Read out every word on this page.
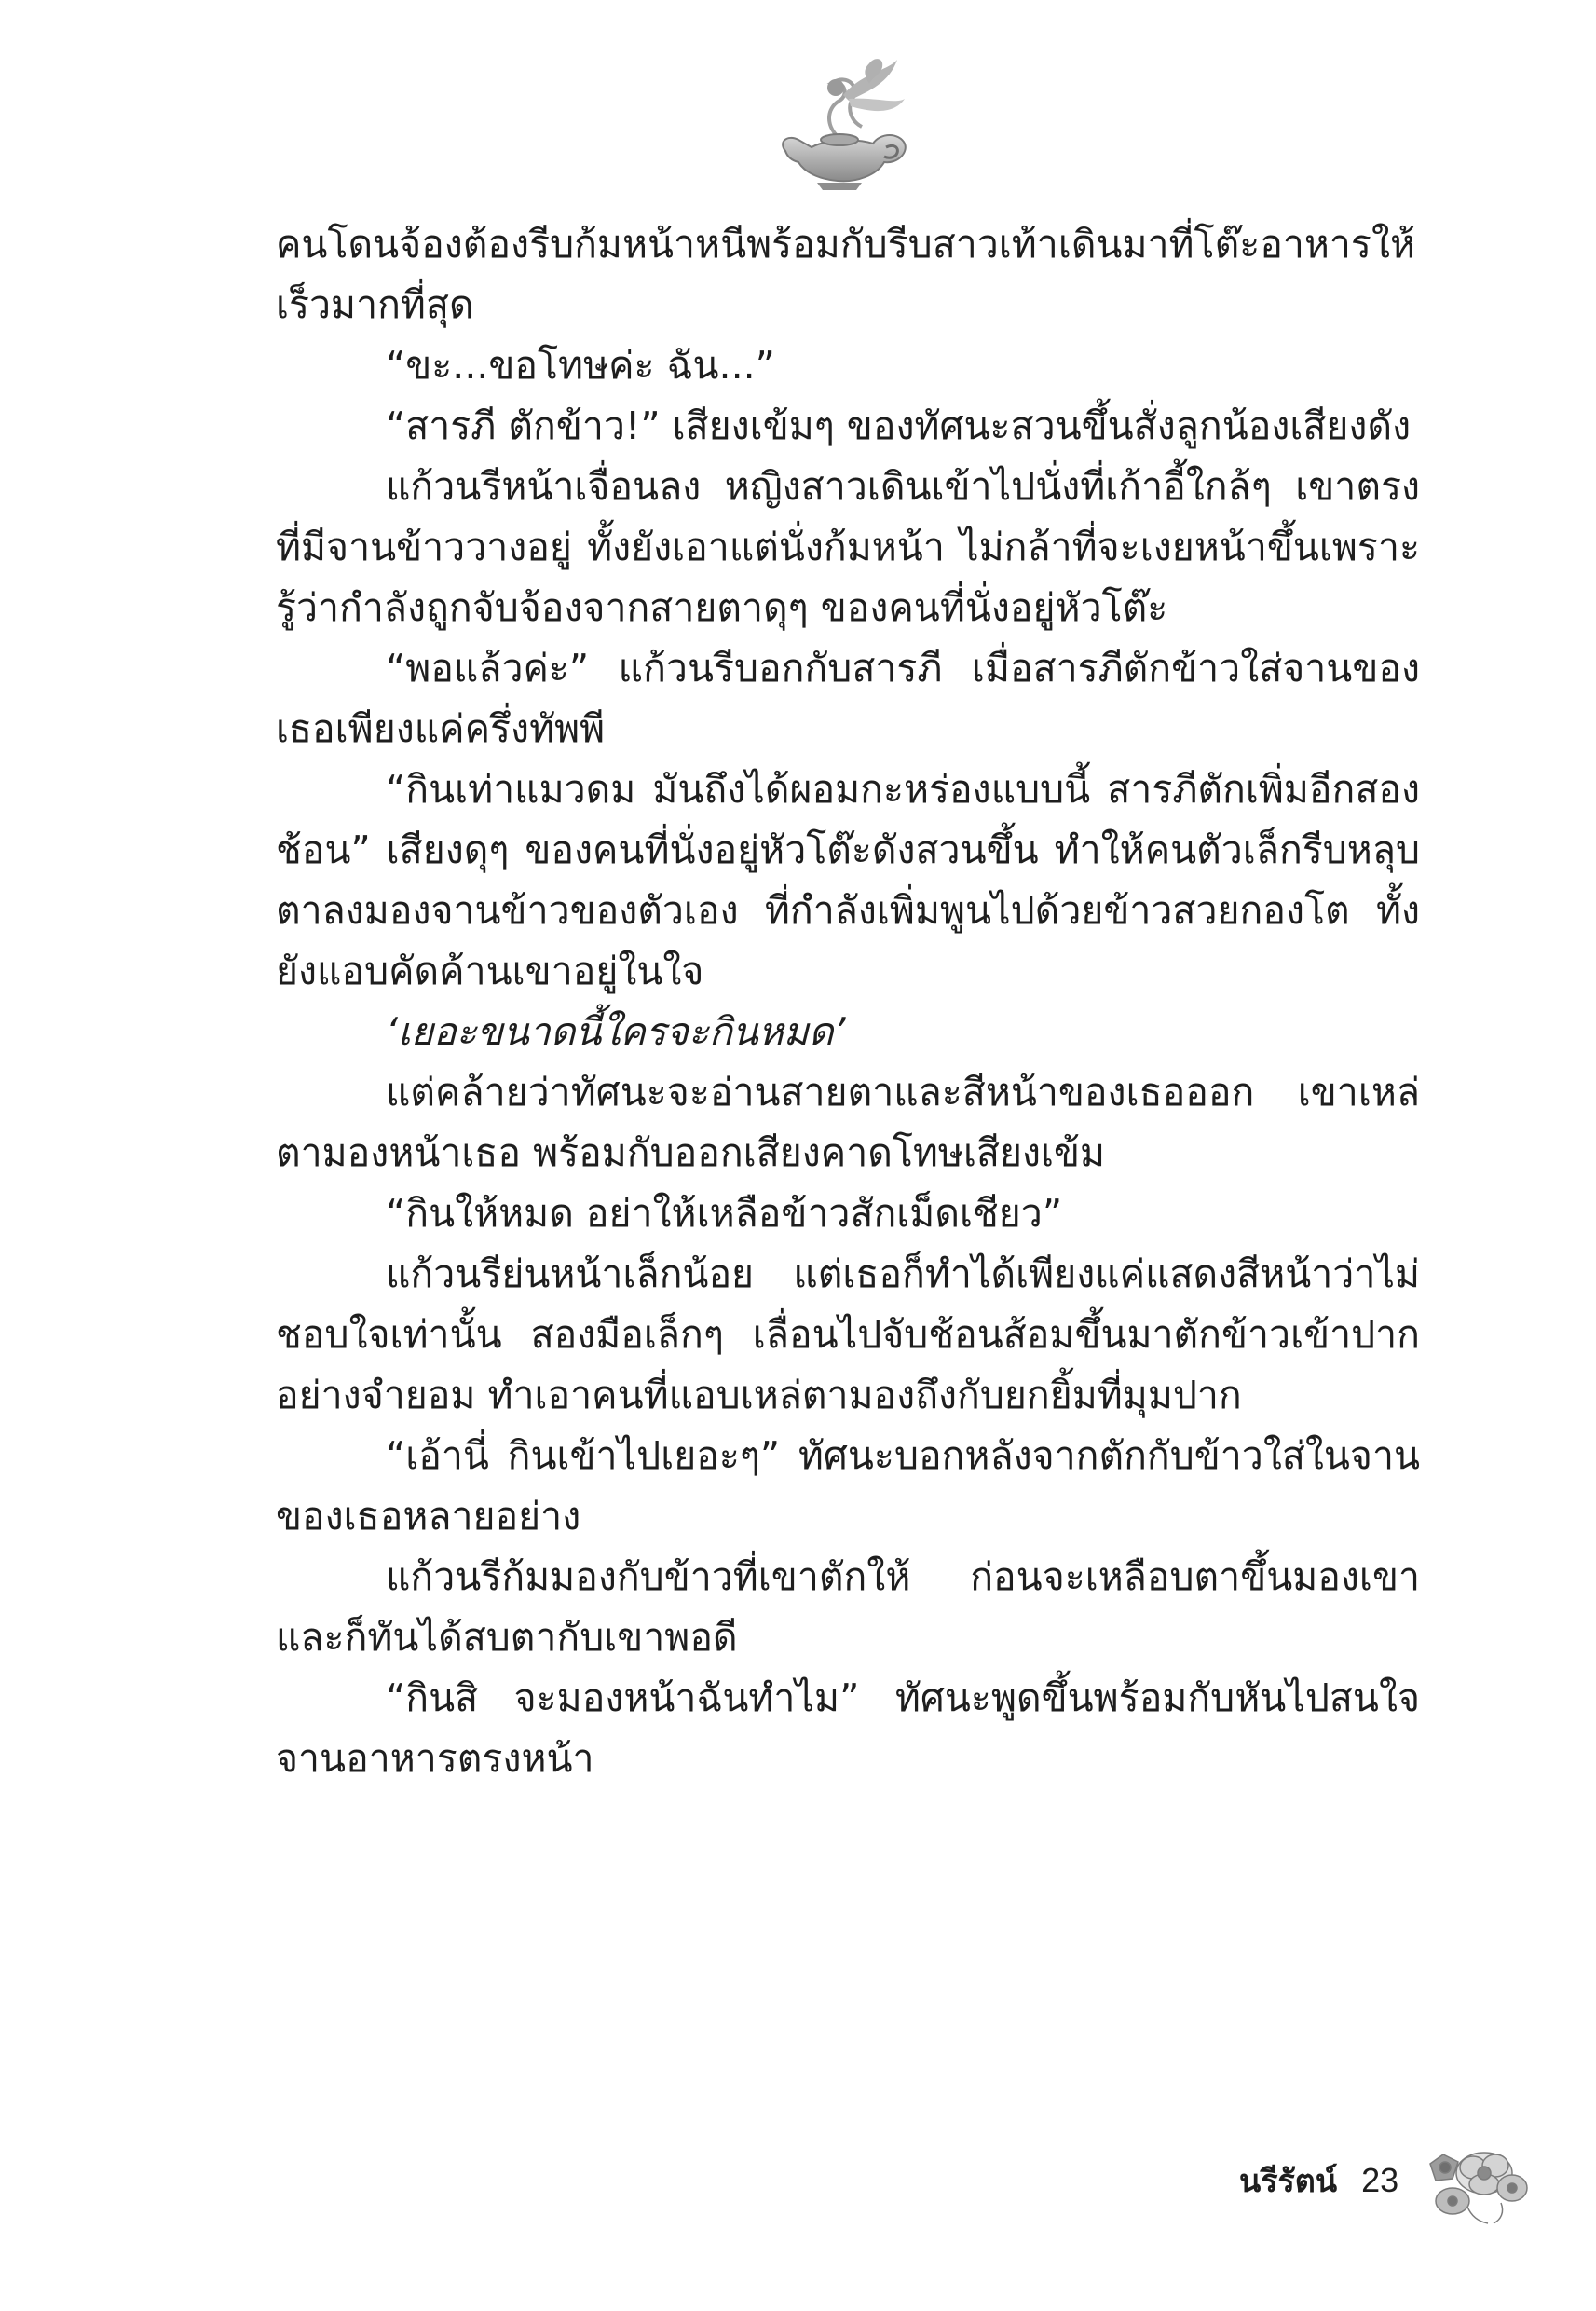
คนโดนจ้องต้องรีบก้มหน้าหนีพร้อมกับรีบสาวเท้าเดินมาที่โต๊ะอาหารให้เร็วมากที่สุด

“ขะ...ขอโทษค่ะ ฉัน...”

“สารภี ตักข้าว!” เสียงเข้มๆ ของทัศนะสวนขึ้นสั่งลูกน้องเสียงดัง

แก้วนรีหน้าเจื่อนลง หญิงสาวเดินเข้าไปนั่งที่เก้าอี้ใกล้ๆ เขาตรงที่มีจานข้าววางอยู่ ทั้งยังเอาแต่นั่งก้มหน้า ไม่กล้าที่จะเงยหน้าขึ้นเพราะรู้ว่ากำลังถูกจับจ้องจากสายตาดุๆ ของคนที่นั่งอยู่หัวโต๊ะ

“พอแล้วค่ะ” แก้วนรีบอกกับสารภี เมื่อสารภีตักข้าวใส่จานของเธอเพียงแค่ครึ่งทัพพี

“กินเท่าแมวดม มันถึงได้ผอมกะหร่องแบบนี้ สารภีตักเพิ่มอีกสองช้อน” เสียงดุๆ ของคนที่นั่งอยู่หัวโต๊ะดังสวนขึ้น ทำให้คนตัวเล็กรีบหลุบตาลงมองจานข้าวของตัวเอง ที่กำลังเพิ่มพูนไปด้วยข้าวสวยกองโต ทั้งยังแอบคัดค้านเขาอยู่ในใจ

‘เยอะขนาดนี้ใครจะกินหมด’

แต่คล้ายว่าทัศนะจะอ่านสายตาและสีหน้าของเธอออก เขาเหล่ตามองหน้าเธอ พร้อมกับออกเสียงคาดโทษเสียงเข้ม

“กินให้หมด อย่าให้เหลือข้าวสักเม็ดเชียว”

แก้วนรีย่นหน้าเล็กน้อย แต่เธอก็ทำได้เพียงแค่แสดงสีหน้าว่าไม่ชอบใจเท่านั้น สองมือเล็กๆ เลื่อนไปจับช้อนส้อมขึ้นมาตักข้าวเข้าปากอย่างจำยอม ทำเอาคนที่แอบเหล่ตามองถึงกับยกยิ้มที่มุมปาก

“เอ้านี่ กินเข้าไปเยอะๆ” ทัศนะบอกหลังจากตักกับข้าวใส่ในจานของเธอหลายอย่าง

แก้วนรีก้มมองกับข้าวที่เขาตักให้ ก่อนจะเหลือบตาขึ้นมองเขาและก็ทันได้สบตากับเขาพอดี

“กินสิ จะมองหน้าฉันทำไม” ทัศนะพูดขึ้นพร้อมกับหันไปสนใจจานอาหารตรงหน้า

นรีรัตน์ 23
